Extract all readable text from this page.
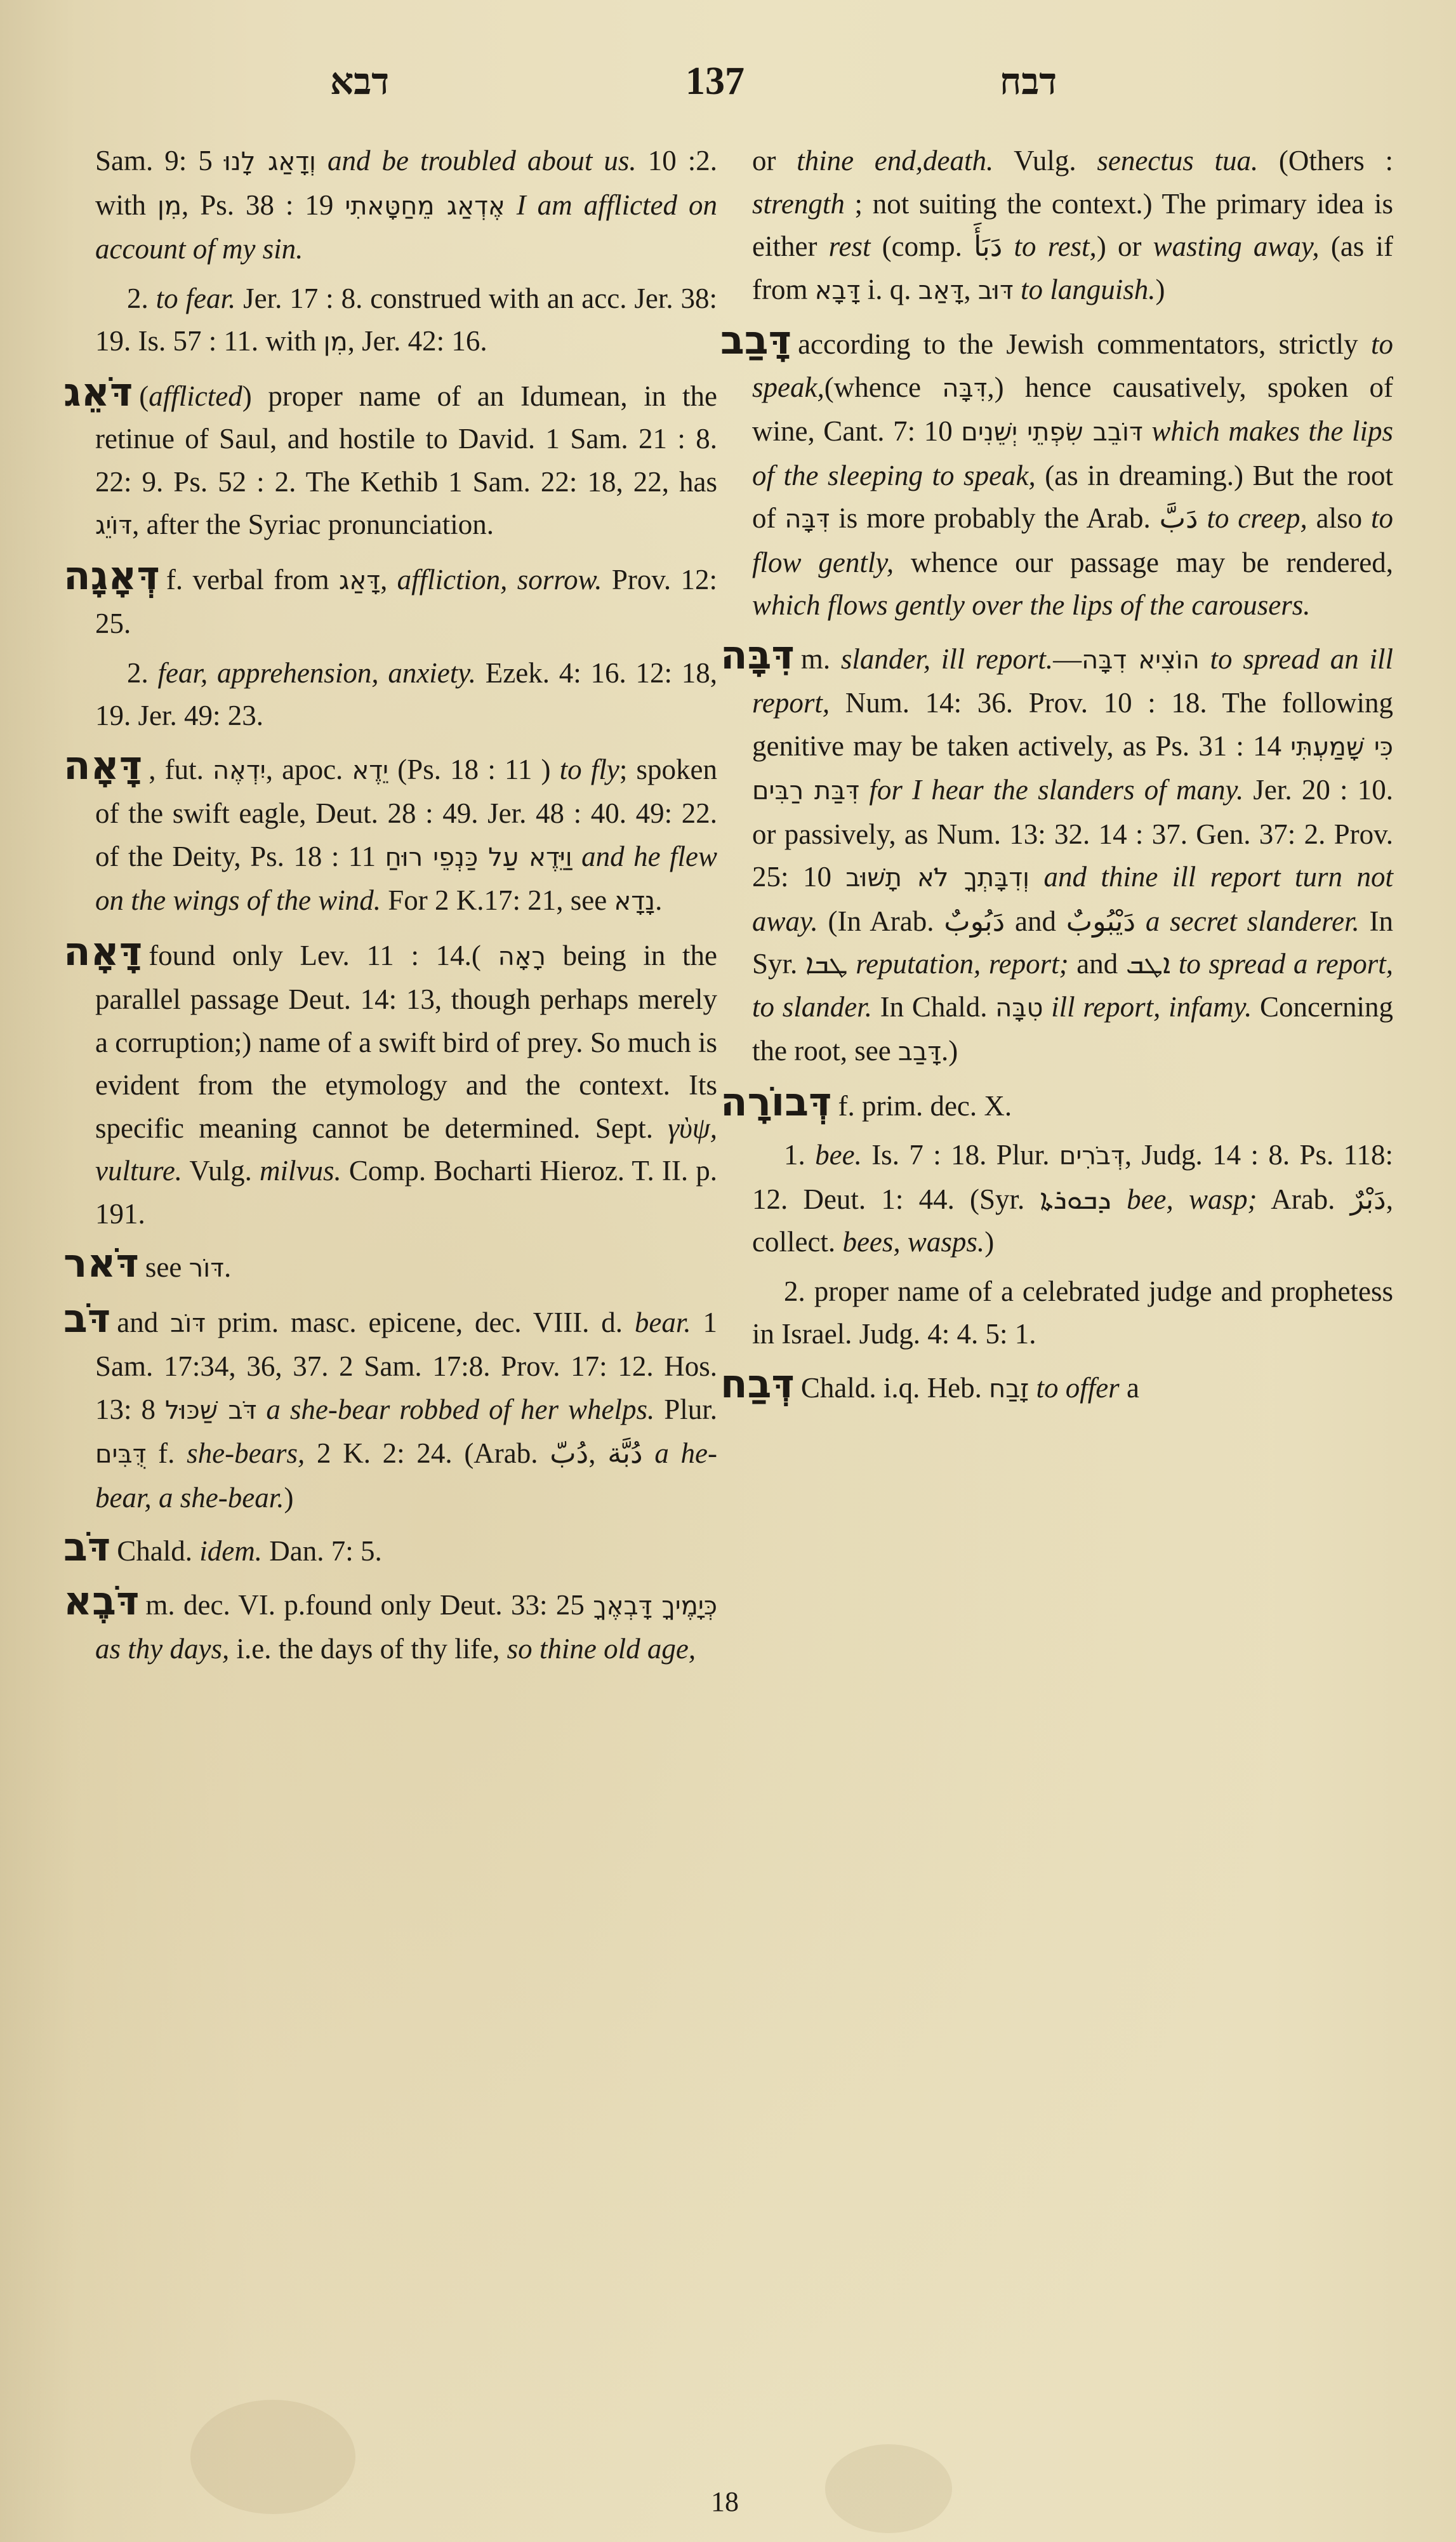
דבא	137	דבח

Sam. 9: 5 וְדָאַג לָנוּ and be troubled about us. 10 :2. with מִן, Ps. 38 : 19 אֶדְאַג מֵחַטָּאתִי I am afflicted on account of my sin.

2. to fear. Jer. 17 : 8. construed with an acc. Jer. 38: 19. Is. 57 : 11. with מִן, Jer. 42: 16.

דֹּאֵג (afflicted) proper name of an Idumean, in the retinue of Saul, and hostile to David. 1 Sam. 21 : 8. 22: 9. Ps. 52 : 2. The Kethib 1 Sam. 22: 18, 22, has דּוֹיֵג, after the Syriac pronunciation.

דְּאָגָה f. verbal from דָּאַג, affliction, sorrow. Prov. 12: 25.

2. fear, apprehension, anxiety. Ezek. 4: 16. 12: 18, 19. Jer. 49: 23.

דָּאָה , fut. יִדְאֶה, apoc. יֵדֶא (Ps. 18 : 11 ) to fly; spoken of the swift eagle, Deut. 28 : 49. Jer. 48 : 40. 49: 22. of the Deity, Ps. 18 : 11 וַיֵּדֶא עַל כַּנְפֵי רוּחַ and he flew on the wings of the wind. For 2 K.17: 21, see נָדָא.

דָּאָה found only Lev. 11 : 14.( רָאָה being in the parallel passage Deut. 14: 13, though perhaps merely a corruption;) name of a swift bird of prey. So much is evident from the etymology and the context. Its specific meaning cannot be determined. Sept. γὺψ, vulture. Vulg. milvus. Comp. Bocharti Hieroz. T. II. p. 191.

דֹּאר see דּוֹר.

דֹּב and דּוֹב prim. masc. epicene, dec. VIII. d. bear. 1 Sam. 17:34, 36, 37. 2 Sam. 17:8. Prov. 17: 12. Hos. 13: 8 דֹּב שַׁכּוּל a she-bear robbed of her whelps. Plur. דֻּבִּים f. she-bears, 2 K. 2: 24. (Arab. دُبّ, دُبَّة a he-bear, a she-bear.)

דֹּב Chald. idem. Dan. 7: 5.

דֹּבֶא m. dec. VI. p.found only Deut. 33: 25 כְּיָמֶיךָ דָּבְאֶךָ as thy days, i.e. the days of thy life, so thine old age,

or thine end,death. Vulg. senectus tua. (Others : strength ; not suiting the context.) The primary idea is either rest (comp. دَبَأَ to rest,) or wasting away, (as if from דָּבָא i. q. דָּאַב, דּוּב to languish.)

דָּבַב according to the Jewish commentators, strictly to speak,(whence דִּבָּה,) hence causatively, spoken of wine, Cant. 7: 10 דּוֹבֵב שִׂפְתֵי יְשֵׁנִים which makes the lips of the sleeping to speak, (as in dreaming.) But the root of דִּבָּה is more probably the Arab. دَبَّ to creep, also to flow gently, whence our passage may be rendered, which flows gently over the lips of the carousers.

דִּבָּה m. slander, ill report.—הוֹצִיא דִבָּה to spread an ill report, Num. 14: 36. Prov. 10 : 18. The following genitive may be taken actively, as Ps. 31 : 14 כִּי שָׁמַעְתִּי דִּבַּת רַבִּים for I hear the slanders of many. Jer. 20 : 10. or passively, as Num. 13: 32. 14 : 37. Gen. 37: 2. Prov. 25: 10 וְדִבָּתְךָ לֹא תָשׁוּב and thine ill report turn not away. (In Arab. دَبُوبٌ and دَيْبُوبٌ a secret slanderer. In Syr. ܛܒܐ reputation, report; and ܐܛܒ to spread a report, to slander. In Chald. טִבָּה ill report, infamy. Concerning the root, see דָּבַב.)

דְּבוֹרָה f. prim. dec. X.

1. bee. Is. 7 : 18. Plur. דְּבֹרִים, Judg. 14 : 8. Ps. 118: 12. Deut. 1: 44. (Syr. ܕܒܘܪܬܐ bee, wasp; Arab. دَبْرٌ, collect. bees, wasps.)

2. proper name of a celebrated judge and prophetess in Israel. Judg. 4: 4. 5: 1.

דְּבַח Chald. i.q. Heb. זָבַח to offer a

18
